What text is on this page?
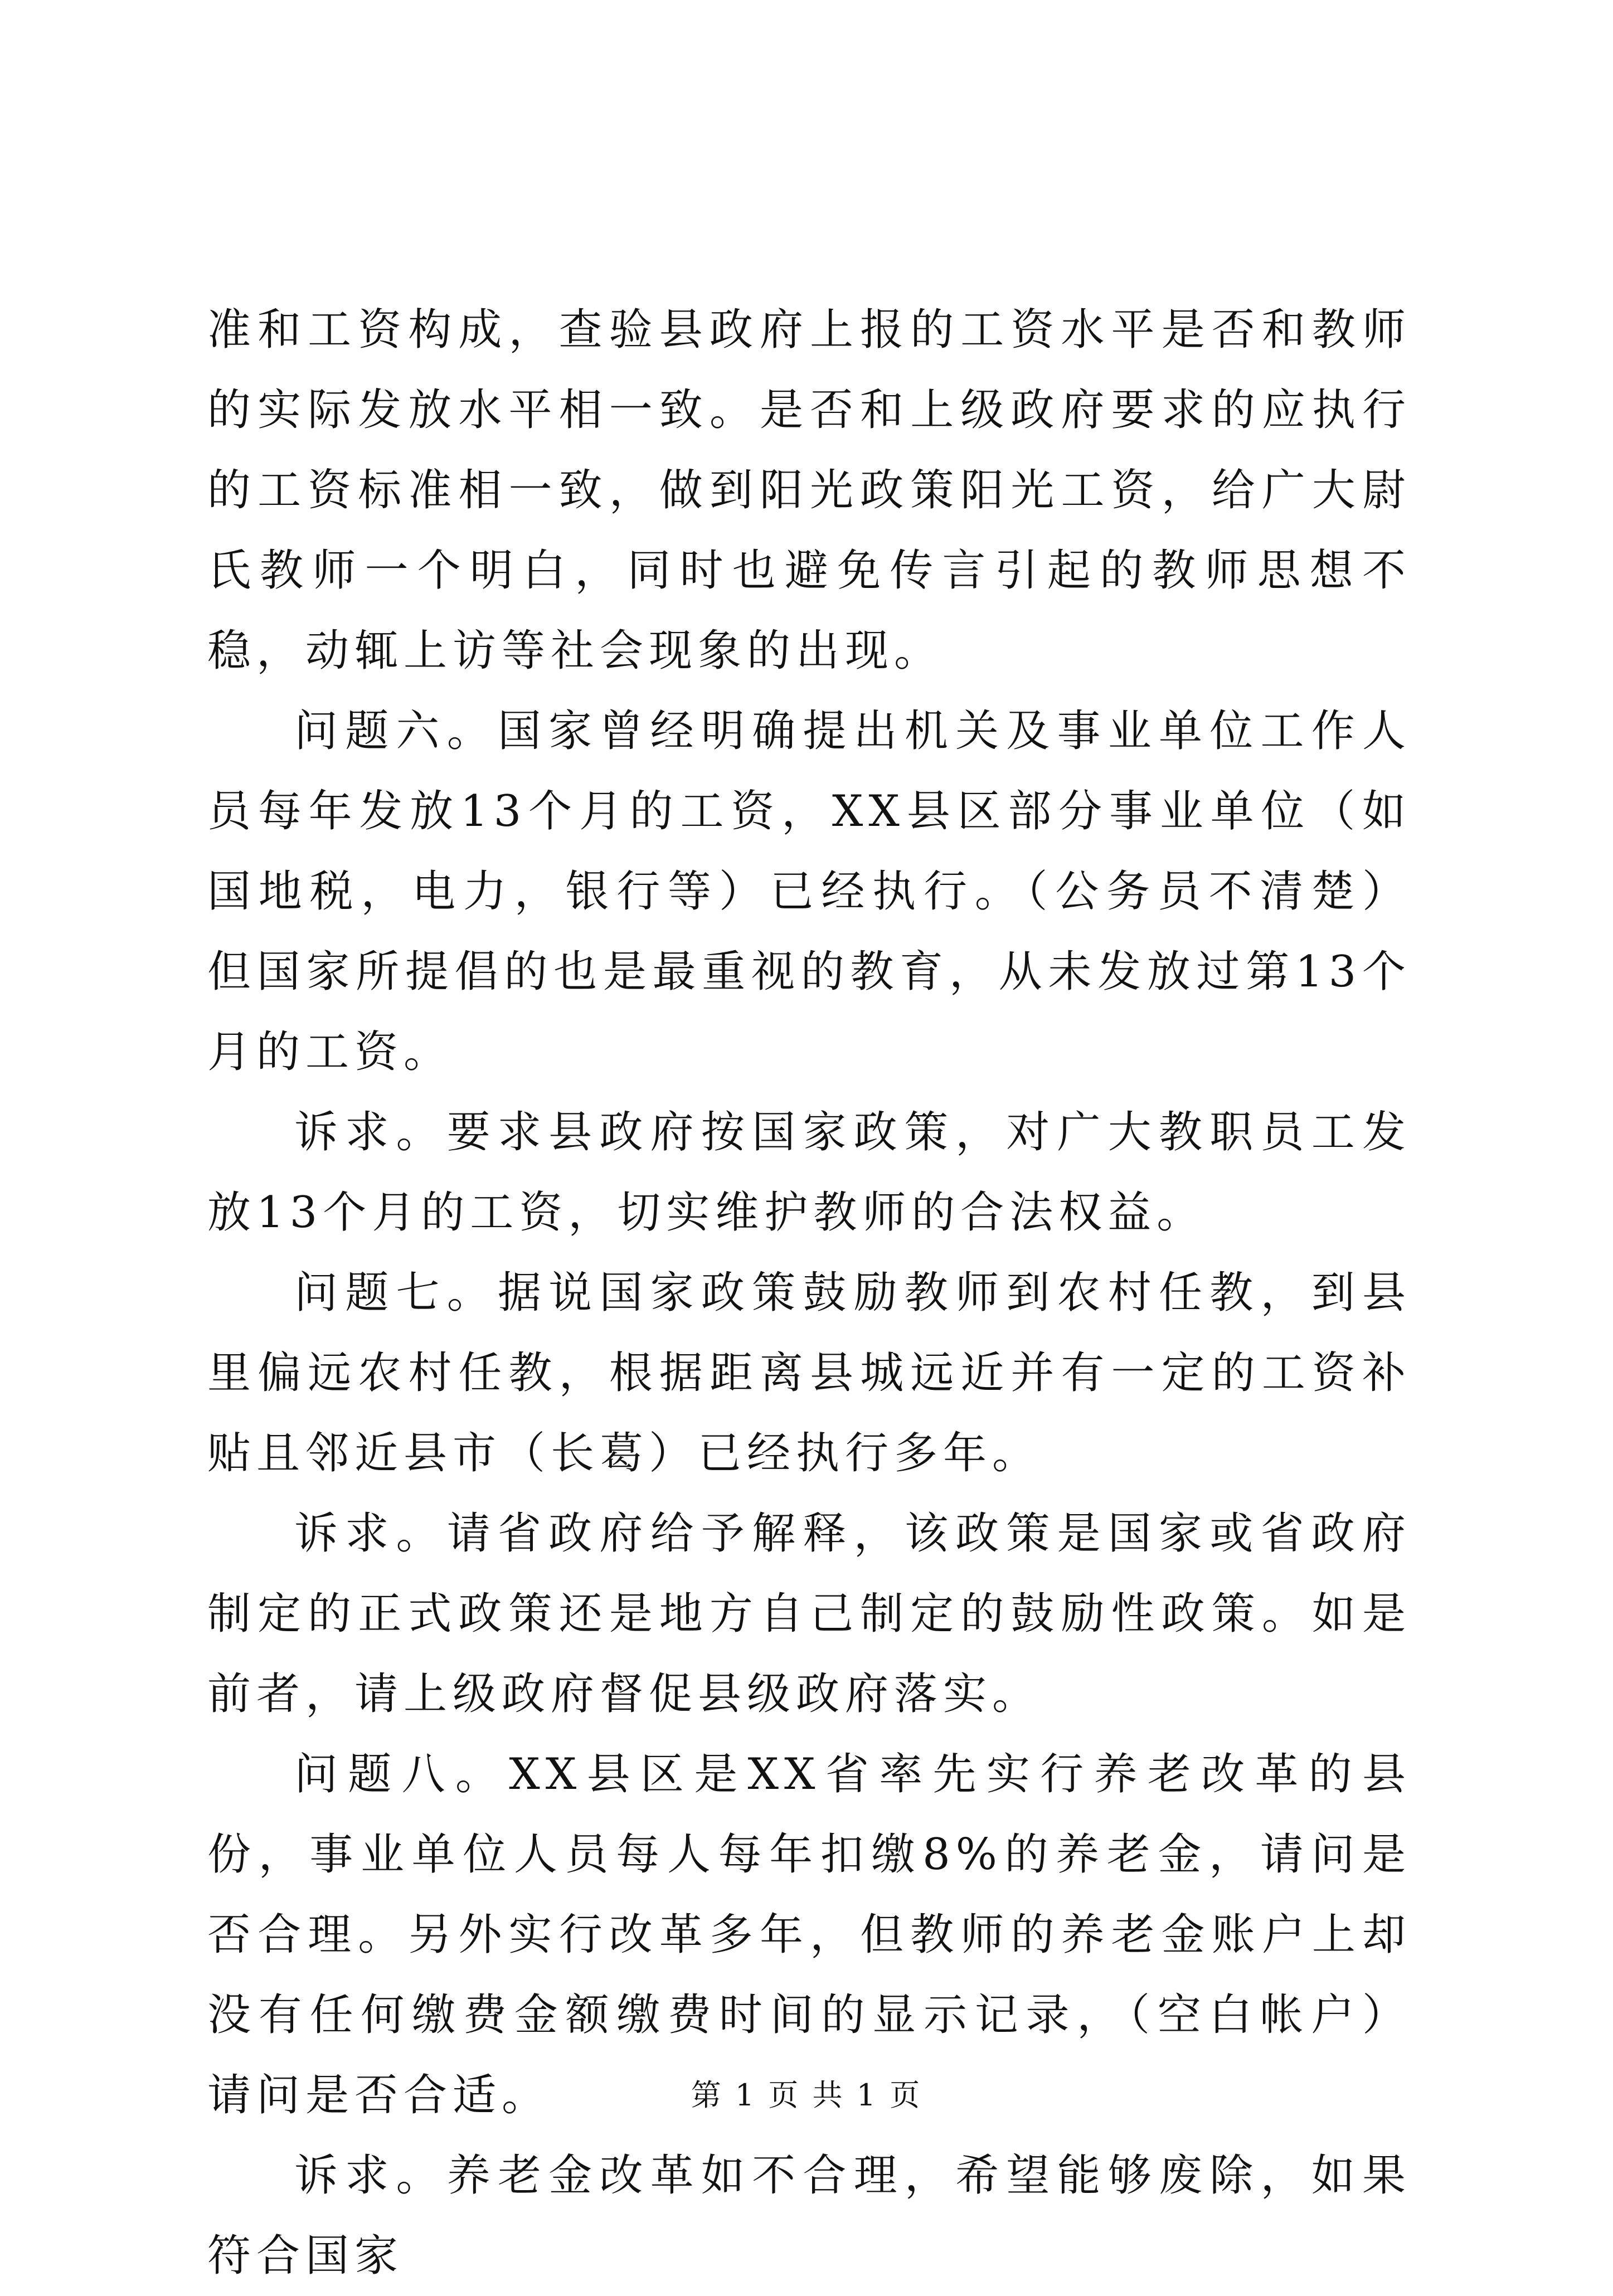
准和工资构成，查验县政府上报的工资水平是否和教师的实际发放水平相一致。是否和上级政府要求的应执行的工资标准相一致，做到阳光政策阳光工资，给广大尉氏教师一个明白，同时也避免传言引起的教师思想不稳，动辄上访等社会现象的出现。

问题六。国家曾经明确提出机关及事业单位工作人员每年发放13个月的工资，XX县区部分事业单位（如国地税，电力，银行等）已经执行。（公务员不清楚）但国家所提倡的也是最重视的教育，从未发放过第13个月的工资。

诉求。要求县政府按国家政策，对广大教职员工发放13个月的工资，切实维护教师的合法权益。

问题七。据说国家政策鼓励教师到农村任教，到县里偏远农村任教，根据距离县城远近并有一定的工资补贴且邻近县市（长葛）已经执行多年。

诉求。请省政府给予解释，该政策是国家或省政府制定的正式政策还是地方自己制定的鼓励性政策。如是前者，请上级政府督促县级政府落实。

问题八。XX县区是XX省率先实行养老改革的县份，事业单位人员每人每年扣缴8%的养老金，请问是否合理。另外实行改革多年，但教师的养老金账户上却没有任何缴费金额缴费时间的显示记录，（空白帐户）请问是否合适。

诉求。养老金改革如不合理，希望能够废除，如果符合国家

第 1 页 共 1 页
